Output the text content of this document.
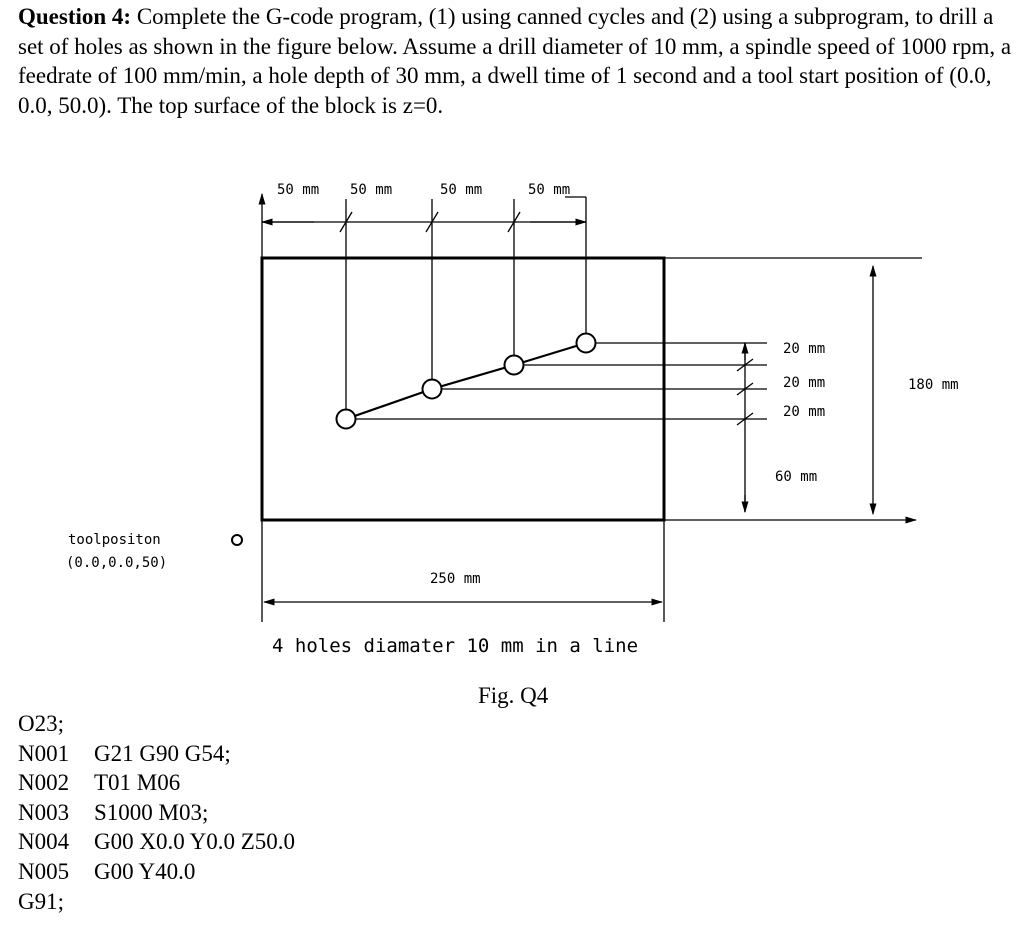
Question 4: Complete the G-code program, (1) using canned cycles and (2) using a subprogram, to drill a set of holes as shown in the figure below. Assume a drill diameter of 10 mm, a spindle speed of 1000 rpm, a feedrate of 100 mm/min, a hole depth of 30 mm, a dwell time of 1 second and a tool start position of (0.0, 0.0, 50.0). The top surface of the block is z=0.
50 mm 50 mm	50 mm	50 mm
20 mm
20 mm
20 mm
60 mm
180 mm
250 mm
toolpositon
(0.0,0.0,50)
4 holes diamater 10 mm in a line
Fig. Q4
O23;
N001 G21 G90 G54;
N002 T01 M06
N003 S1000 M03;
N004 G00 X0.0 Y0.0 Z50.0
N005 G00 Y40.0
G91;
